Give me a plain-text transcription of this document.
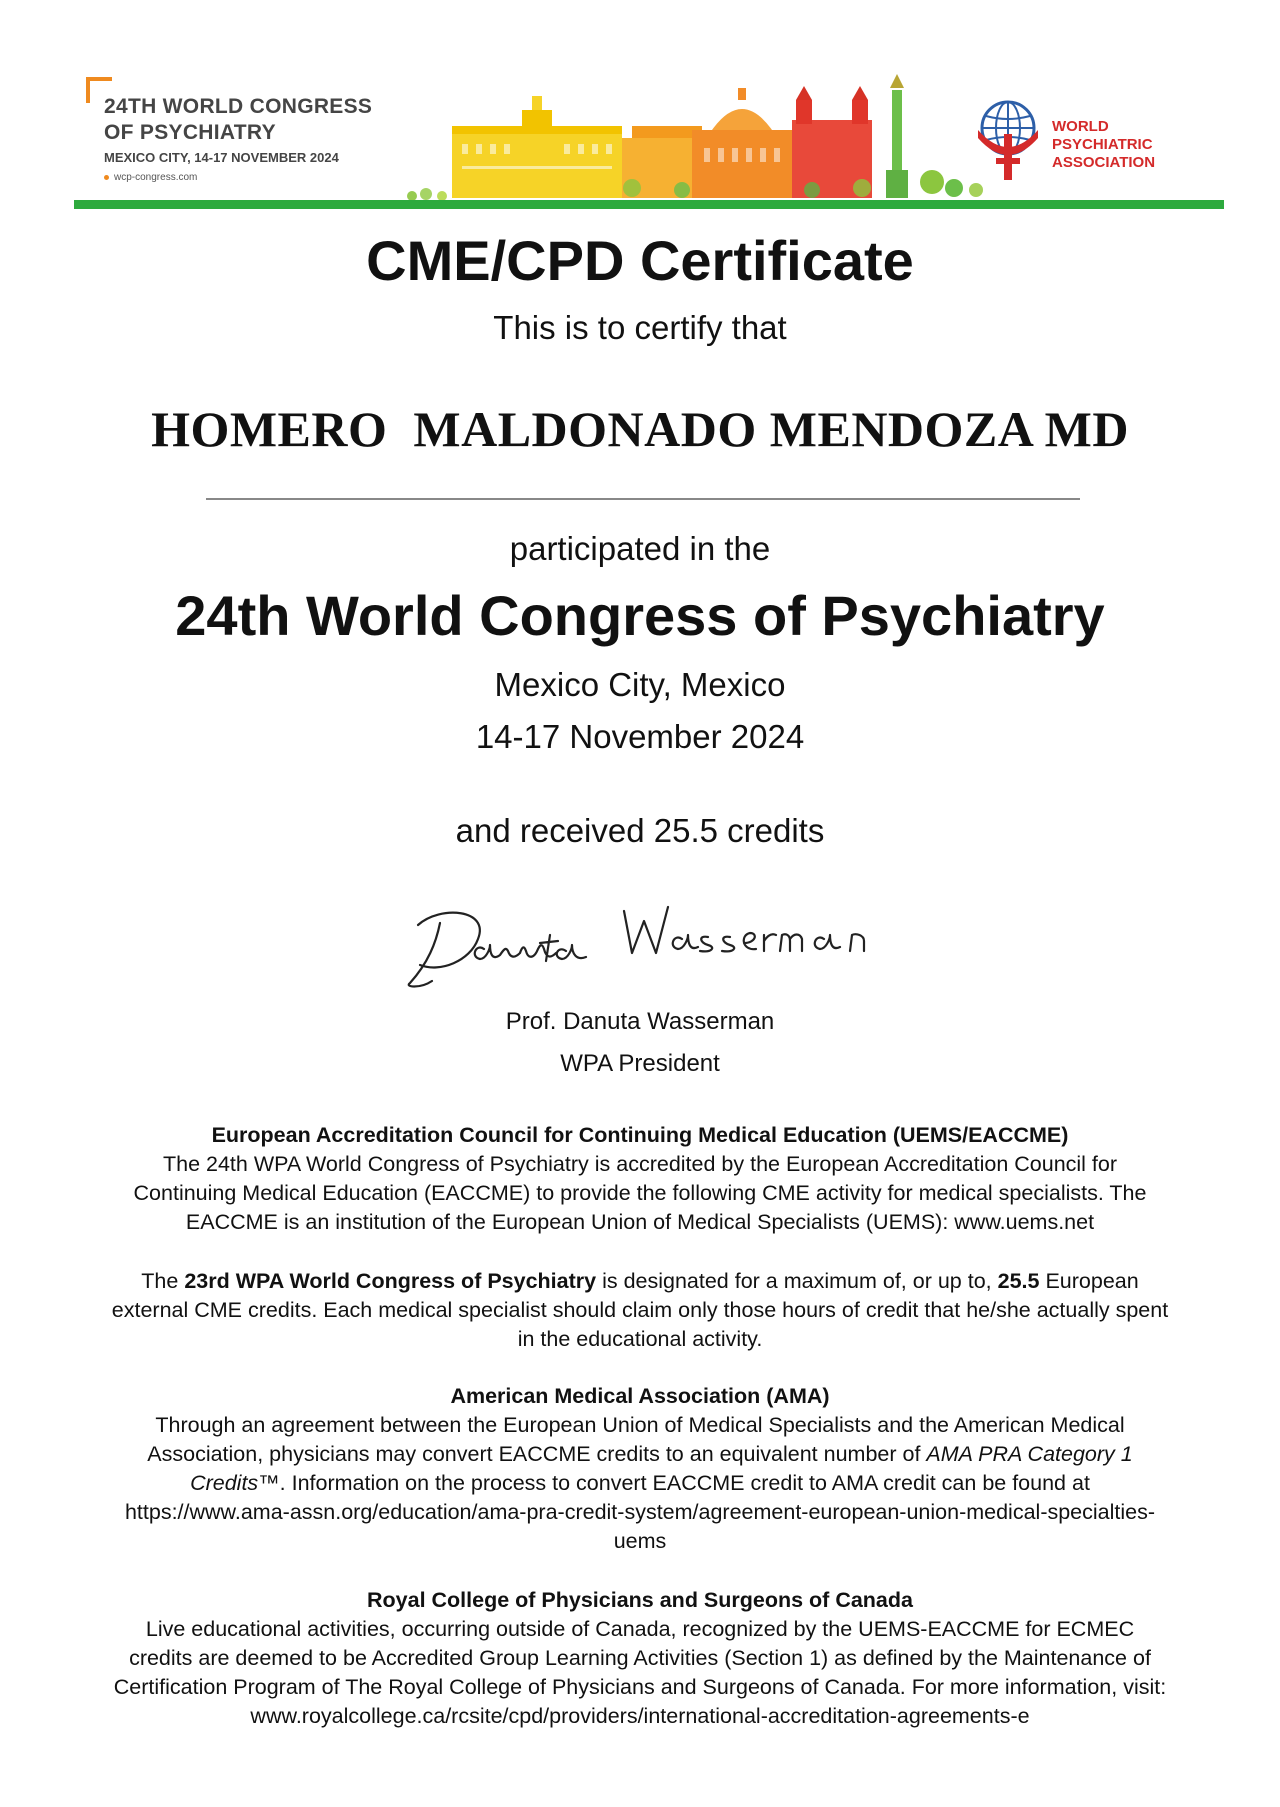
24TH WORLD CONGRESS
OF PSYCHIATRY
MEXICO CITY, 14-17 NOVEMBER 2024
wcp-congress.com
WORLD
PSYCHIATRIC
ASSOCIATION
CME/CPD Certificate
This is to certify that
HOMERO  MALDONADO MENDOZA MD
participated in the
24th World Congress of Psychiatry
Mexico City, Mexico
14-17 November 2024
and received 25.5 credits
Prof. Danuta Wasserman
WPA President
European Accreditation Council for Continuing Medical Education (UEMS/EACCME)
The 24th WPA World Congress of Psychiatry is accredited by the European Accreditation Council for
Continuing Medical Education (EACCME) to provide the following CME activity for medical specialists. The
EACCME is an institution of the European Union of Medical Specialists (UEMS): www.uems.net
The 23rd WPA World Congress of Psychiatry is designated for a maximum of, or up to, 25.5 European
external CME credits. Each medical specialist should claim only those hours of credit that he/she actually spent
in the educational activity.
American Medical Association (AMA)
Through an agreement between the European Union of Medical Specialists and the American Medical
Association, physicians may convert EACCME credits to an equivalent number of AMA PRA Category 1
Credits™. Information on the process to convert EACCME credit to AMA credit can be found at
https://www.ama-assn.org/education/ama-pra-credit-system/agreement-european-union-medical-specialties-
uems
Royal College of Physicians and Surgeons of Canada
Live educational activities, occurring outside of Canada, recognized by the UEMS-EACCME for ECMEC
credits are deemed to be Accredited Group Learning Activities (Section 1) as defined by the Maintenance of
Certification Program of The Royal College of Physicians and Surgeons of Canada. For more information, visit:
www.royalcollege.ca/rcsite/cpd/providers/international-accreditation-agreements-e
